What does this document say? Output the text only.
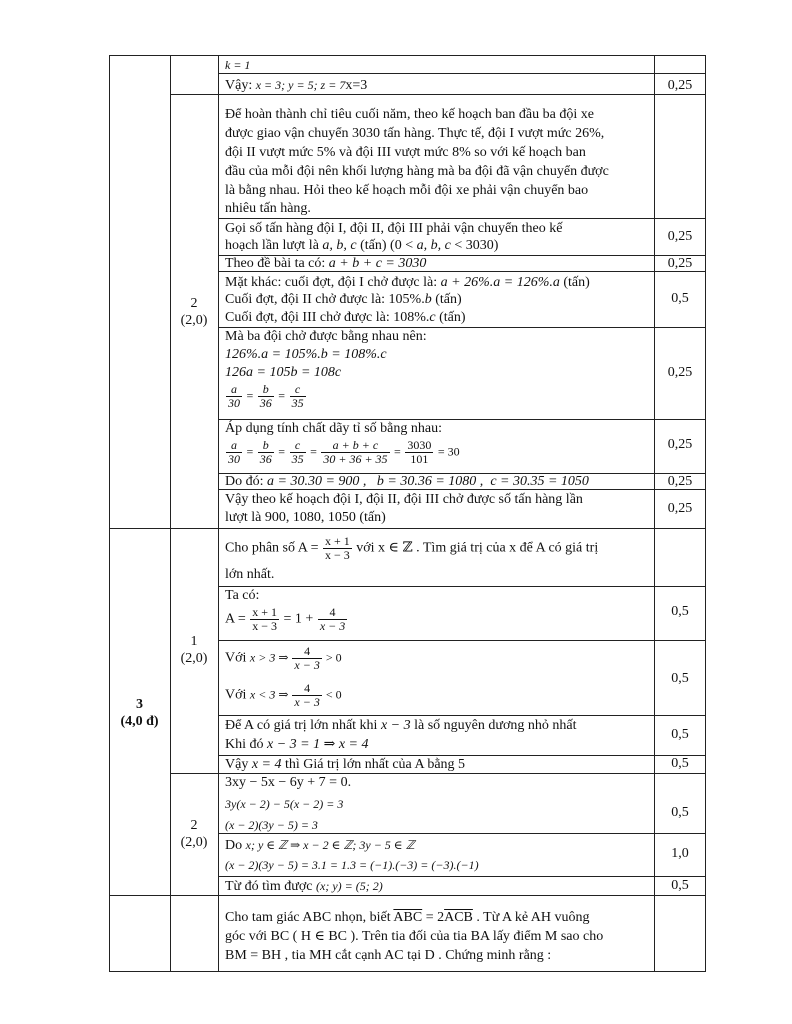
2
(2,0)
3
(4,0 đ)
1
(2,0)
2
(2,0)
0,25
0,25
0,25
0,5
0,25
0,25
0,25
0,25
0,5
0,5
0,5
0,5
0,5
1,0
0,5
k = 1
Vậy: x = 3; y = 5; z = 7x=3
Để hoàn thành chỉ tiêu cuối năm, theo kế hoạch ban đầu ba đội xe
được giao vận chuyển 3030 tấn hàng. Thực tế, đội I vượt mức 26%,
đội II vượt mức 5% và đội III vượt mức 8% so với kế hoạch ban
đầu của mỗi đội nên khối lượng hàng mà ba đội đã vận chuyển được
là bằng nhau. Hỏi theo kế hoạch mỗi đội xe phải vận chuyển bao
nhiêu tấn hàng.
Gọi số tấn hàng đội I, đội II, đội III phải vận chuyển theo kế
hoạch lần lượt là a, b, c (tấn) (0 < a, b, c < 3030)
Theo đề bài ta có: a + b + c = 3030
Mặt khác: cuối đợt, đội I chở được là: a + 26%.a = 126%.a (tấn)
Cuối đợt, đội II chở được là: 105%.b (tấn)
Cuối đợt, đội III chở được là: 108%.c (tấn)
Mà ba đội chở được bằng nhau nên:
126%.a = 105%.b = 108%.c
126a = 105b = 108c
$\frac{a}{30} = \frac{b}{36} = \frac{c}{35}$
Áp dụng tính chất dãy tỉ số bằng nhau:
$\frac{a}{30} = \frac{b}{36} = \frac{c}{35} = \frac{a + b + c}{30 + 36 + 35} = \frac{3030}{101} = 30$
Do đó: a = 30.30 = 900 , b = 30.36 = 1080 , c = 30.35 = 1050
Vậy theo kế hoạch đội I, đội II, đội III chở được số tấn hàng lần
lượt là 900, 1080, 1050 (tấn)
Cho phân số $A = \frac{x + 1}{x - 3}$ với x ∈ ℤ . Tìm giá trị của x để A có giá trị
lớn nhất.
Ta có:
$A = \frac{x + 1}{x - 3} = 1 + \frac{4}{x - 3}$
Với x > 3 ⇒ $\frac{4}{x - 3} > 0$
Với x < 3 ⇒ $\frac{4}{x - 3} < 0$
Để A có giá trị lớn nhất khi x − 3 là số nguyên dương nhỏ nhất
Khi đó x − 3 = 1 ⇒ x = 4
Vậy x = 4 thì Giá trị lớn nhất của A bằng 5
3xy − 5x − 6y + 7 = 0.
3y(x − 2) − 5(x − 2) = 3
(x − 2)(3y − 5) = 3
Do x; y ∈ ℤ ⇒ x − 2 ∈ ℤ; 3y − 5 ∈ ℤ
(x − 2)(3y − 5) = 3.1 = 1.3 = (−1).(−3) = (−3).(−1)
Từ đó tìm được (x; y) = (5; 2)
Cho tam giác ABC nhọn, biết $\overline{ABC} = 2\overline{ACB}$ . Từ A kẻ AH vuông
góc với BC ( H ∈ BC ). Trên tia đối của tia BA lấy điểm M sao cho
BM = BH , tia MH cắt cạnh AC tại D . Chứng minh rằng :
